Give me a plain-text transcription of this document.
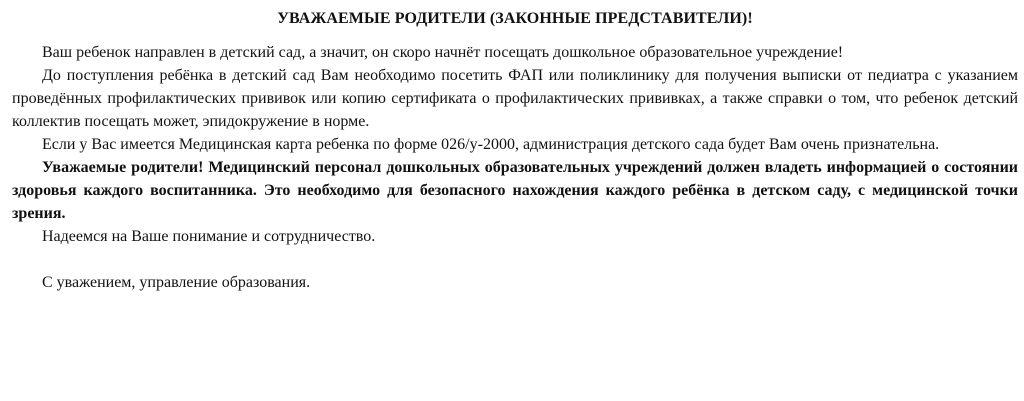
УВАЖАЕМЫЕ РОДИТЕЛИ (ЗАКОННЫЕ ПРЕДСТАВИТЕЛИ)!

Ваш ребенок направлен в детский сад, а значит, он скоро начнёт посещать дошкольное образовательное учреждение!

До поступления ребёнка в детский сад Вам необходимо посетить ФАП или поликлинику для получения выписки от педиатра с указанием проведённых профилактических прививок или копию сертификата о профилактических прививках, а также справки о том, что ребенок детский коллектив посещать может, эпидокружение в норме.

Если у Вас имеется Медицинская карта ребенка по форме 026/у-2000, администрация детского сада будет Вам очень признательна.

Уважаемые родители! Медицинский персонал дошкольных образовательных учреждений должен владеть информацией о состоянии здоровья каждого воспитанника. Это необходимо для безопасного нахождения каждого ребёнка в детском саду, с медицинской точки зрения.

Надеемся на Ваше понимание и сотрудничество.

С уважением, управление образования.
